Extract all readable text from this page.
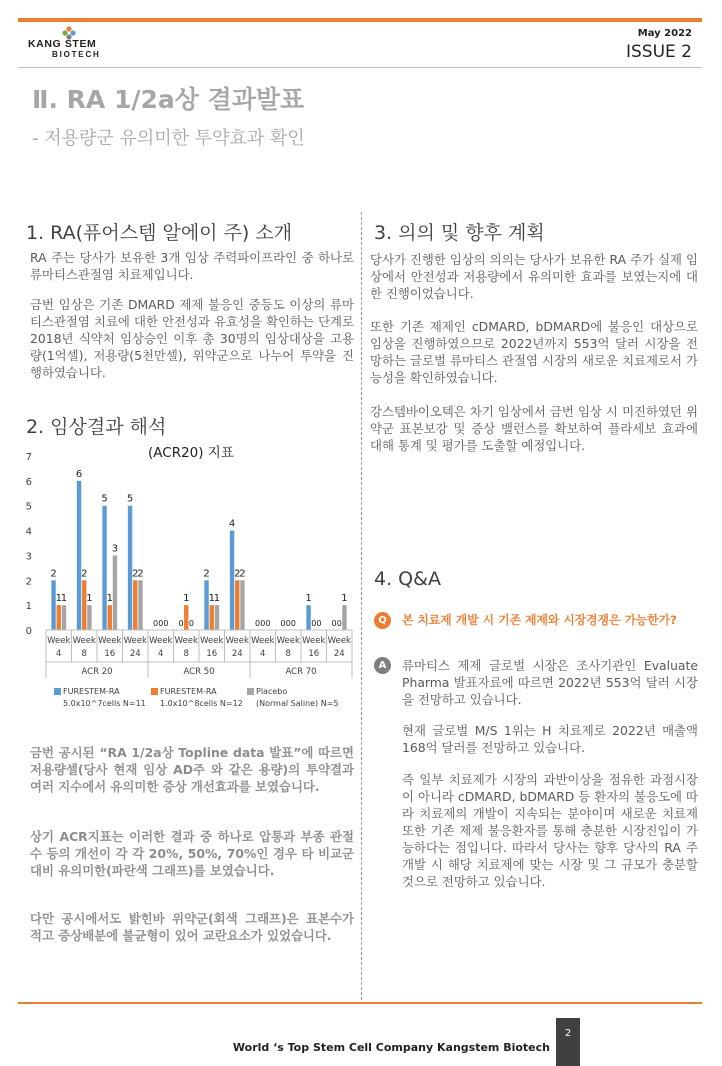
KANG STEM
BIOTECH
May 2022
ISSUE 2
Ⅱ. RA 1/2a상 결과발표
- 저용량군 유의미한 투약효과 확인
1. RA(퓨어스템 알에이 주) 소개
RA 주는 당사가 보유한 3개 임상 주력파이프라인 중 하나로 류마티스관절염 치료제입니다.
금번 임상은 기존 DMARD 제제 불응인 중등도 이상의 류마티스관절염 치료에 대한 안전성과 유효성을 확인하는 단계로 2018년 식약처 임상승인 이후 총 30명의 임상대상을 고용량(1억셀), 저용량(5천만셀), 위약군으로 나누어 투약을 진행하였습니다.
2. 임상결과 해석
(ACR20) 지표
0
1
2
3
4
5
6
7
2
6
5 5
0	0
2
4
0	0
1
0
1
2
1
2
0
1 1
2
0	0	0	0
1 1
3
2
0	0
1
2
0	0	0
1
Week
4
Week
8
Week
16
Week
24
Week
4
Week
8
Week
16
Week
24
Week
4
Week
8
Week
16
Week
24
ACR 20	ACR 50	ACR 70
FURESTEM-RA
5.0x10^7cells N=11
FURESTEM-RA
1.0x10^8cells N=12
Placebo
(Normal Saline) N=5
금번 공시된 “RA 1/2a상 Topline data 발표”에 따르면 저용량셀(당사 현재 임상 AD주 와 같은 용량)의 투약결과 여러 지수에서 유의미한 증상 개선효과를 보였습니다.
상기 ACR지표는 이러한 결과 중 하나로 압통과 부종 관절수 등의 개선이 각 각 20%, 50%, 70%인 경우 타 비교군 대비 유의미한(파란색 그래프)를 보였습니다.
다만 공시에서도 밝힌바 위약군(회색 그래프)은 표본수가 적고 증상배분에 불균형이 있어 교란요소가 있었습니다.
3. 의의 및 향후 계획
당사가 진행한 임상의 의의는 당사가 보유한 RA 주가 실제 임상에서 안전성과 저용량에서 유의미한 효과를 보였는지에 대한 진행이었습니다.
또한 기존 제제인 cDMARD, bDMARD에 불응인 대상으로 임상을 진행하였으므로 2022년까지 553억 달러 시장을 전망하는 글로벌 류마티스 관절염 시장의 새로운 치료제로서 가능성을 확인하였습니다.
강스템바이오텍은 차기 임상에서 금번 임상 시 미진하였던 위약군 표본보강 및 증상 밸런스를 확보하여 플라세보 효과에 대해 통계 및 평가를 도출할 예정입니다.
4. Q&A
Q	본 치료제 개발 시 기존 제제와 시장경쟁은 가능한가?
A	류마티스 제제 글로벌 시장은 조사기관인 Evaluate Pharma 발표자료에 따르면 2022년 553억 달러 시장을 전망하고 있습니다.
현재 글로벌 M/S 1위는 H 치료제로 2022년 매출액 168억 달러를 전망하고 있습니다.
즉 일부 치료제가 시장의 과반이상을 점유한 과점시장이 아니라 cDMARD, bDMARD 등 환자의 불응도에 따라 치료제의 개발이 지속되는 분야이며 새로운 치료제 또한 기존 제제 불응환자를 통해 충분한 시장진입이 가능하다는 점입니다. 따라서 당사는 향후 당사의 RA 주 개발 시 해당 치료제에 맞는 시장 및 그 규모가 충분할 것으로 전망하고 있습니다.
World ‘s Top Stem Cell Company Kangstem Biotech
2
